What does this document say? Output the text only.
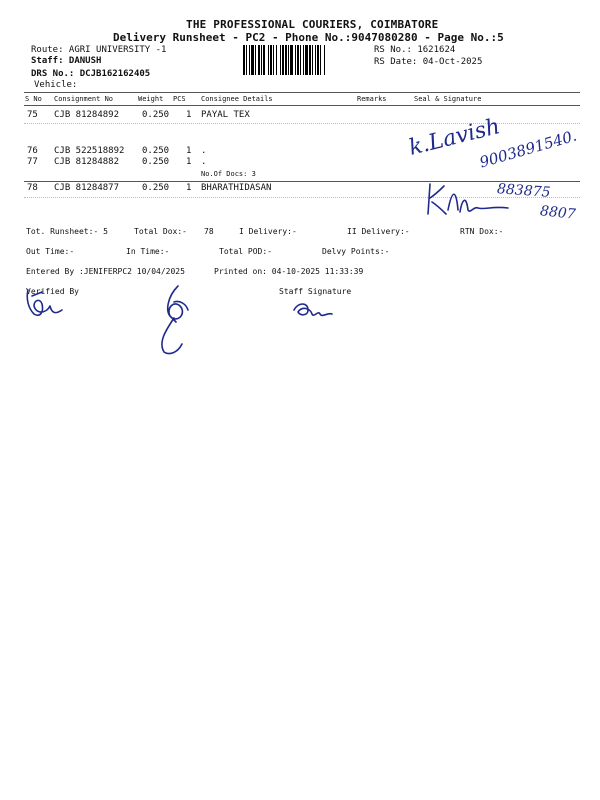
THE PROFESSIONAL COURIERS, COIMBATORE
Delivery Runsheet - PC2 - Phone No.:9047080280 - Page No.:5
Route: AGRI UNIVERSITY -1
Staff: DANUSH
DRS No.: DCJB162162405
Vehicle:
RS No.: 1621624
RS Date: 04-Oct-2025
S No Consignment No	Weight PCS Consignee Details	Remarks	Seal & Signature
75 CJB 81284892	0.250 1 PAYAL TEX
76 CJB 522518892 0.250 1 .
77 CJB 81284882	0.250 1 .
No.Of Docs: 3
78 CJB 81284877	0.250 1 BHARATHIDASAN
k.Lavish
9003891540.
883875
8807
Tot. Runsheet:- 5	Total Dox:- 78	I Delivery:-	II Delivery:-	RTN Dox:-
Out Time:-	In Time:-	Total POD:-	Delvy Points:-
Entered By :JENIFERPC2 10/04/2025	Printed on: 04-10-2025 11:33:39
Verified By	Staff Signature
